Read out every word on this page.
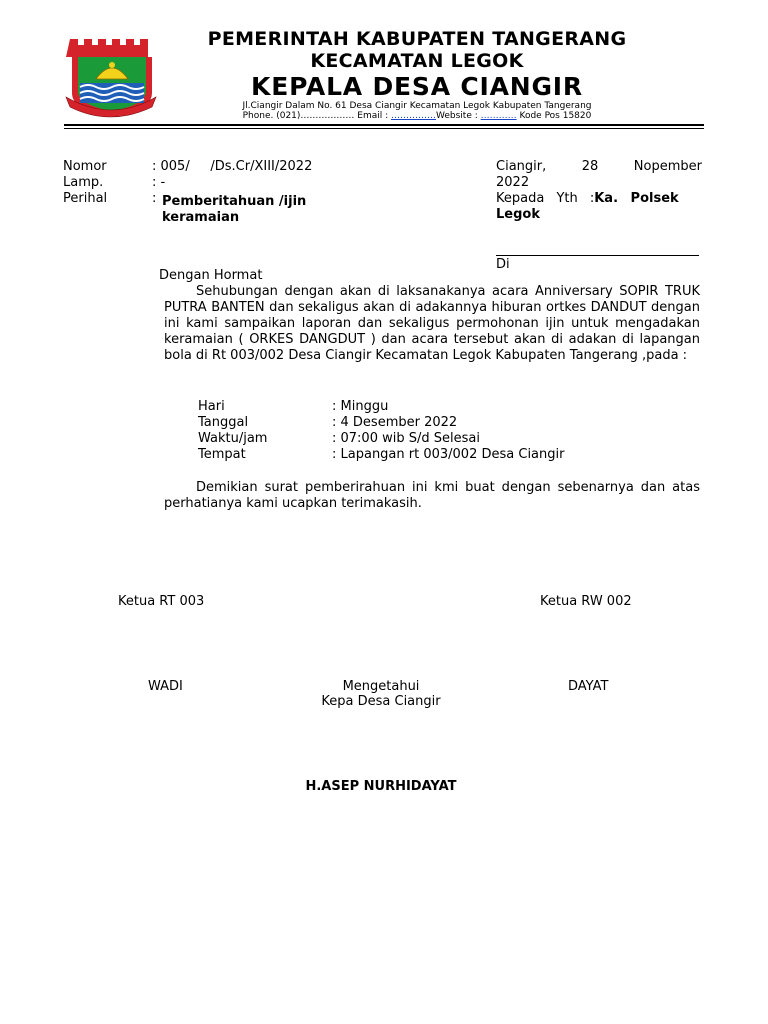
PEMERINTAH KABUPATEN TANGERANG
KECAMATAN LEGOK
KEPALA DESA CIANGIR
Jl.Ciangir Dalam No. 61 Desa Ciangir Kecamatan Legok Kabupaten Tangerang
Phone. (021)……………… Email : ……………Website : ………… Kode Pos 15820
Nomor	: 005/     /Ds.Cr/XIII/2022
Lamp.	: -
Perihal	: Pemberitahuan /ijin keramaian
Ciangir, 28 Nopember 2022
Kepada Yth :Ka. Polsek Legok
Di
Dengan Hormat
Sehubungan dengan akan di laksanakanya acara Anniversary SOPIR TRUK PUTRA BANTEN dan sekaligus akan di adakannya hiburan ortkes DANDUT dengan ini kami sampaikan laporan dan sekaligus permohonan ijin untuk mengadakan keramaian ( ORKES DANGDUT ) dan acara tersebut akan di adakan di lapangan bola di Rt 003/002 Desa Ciangir Kecamatan Legok Kabupaten Tangerang ,pada :
Hari	: Minggu
Tanggal	: 4 Desember 2022
Waktu/jam	: 07:00 wib S/d Selesai
Tempat	: Lapangan rt 003/002 Desa Ciangir
Demikian surat pemberirahuan ini kmi buat dengan sebenarnya dan atas perhatianya kami ucapkan terimakasih.
Ketua RT 003	Ketua RW 002
WADI	Mengetahui
Kepa Desa Ciangir
DAYAT
H.ASEP NURHIDAYAT
